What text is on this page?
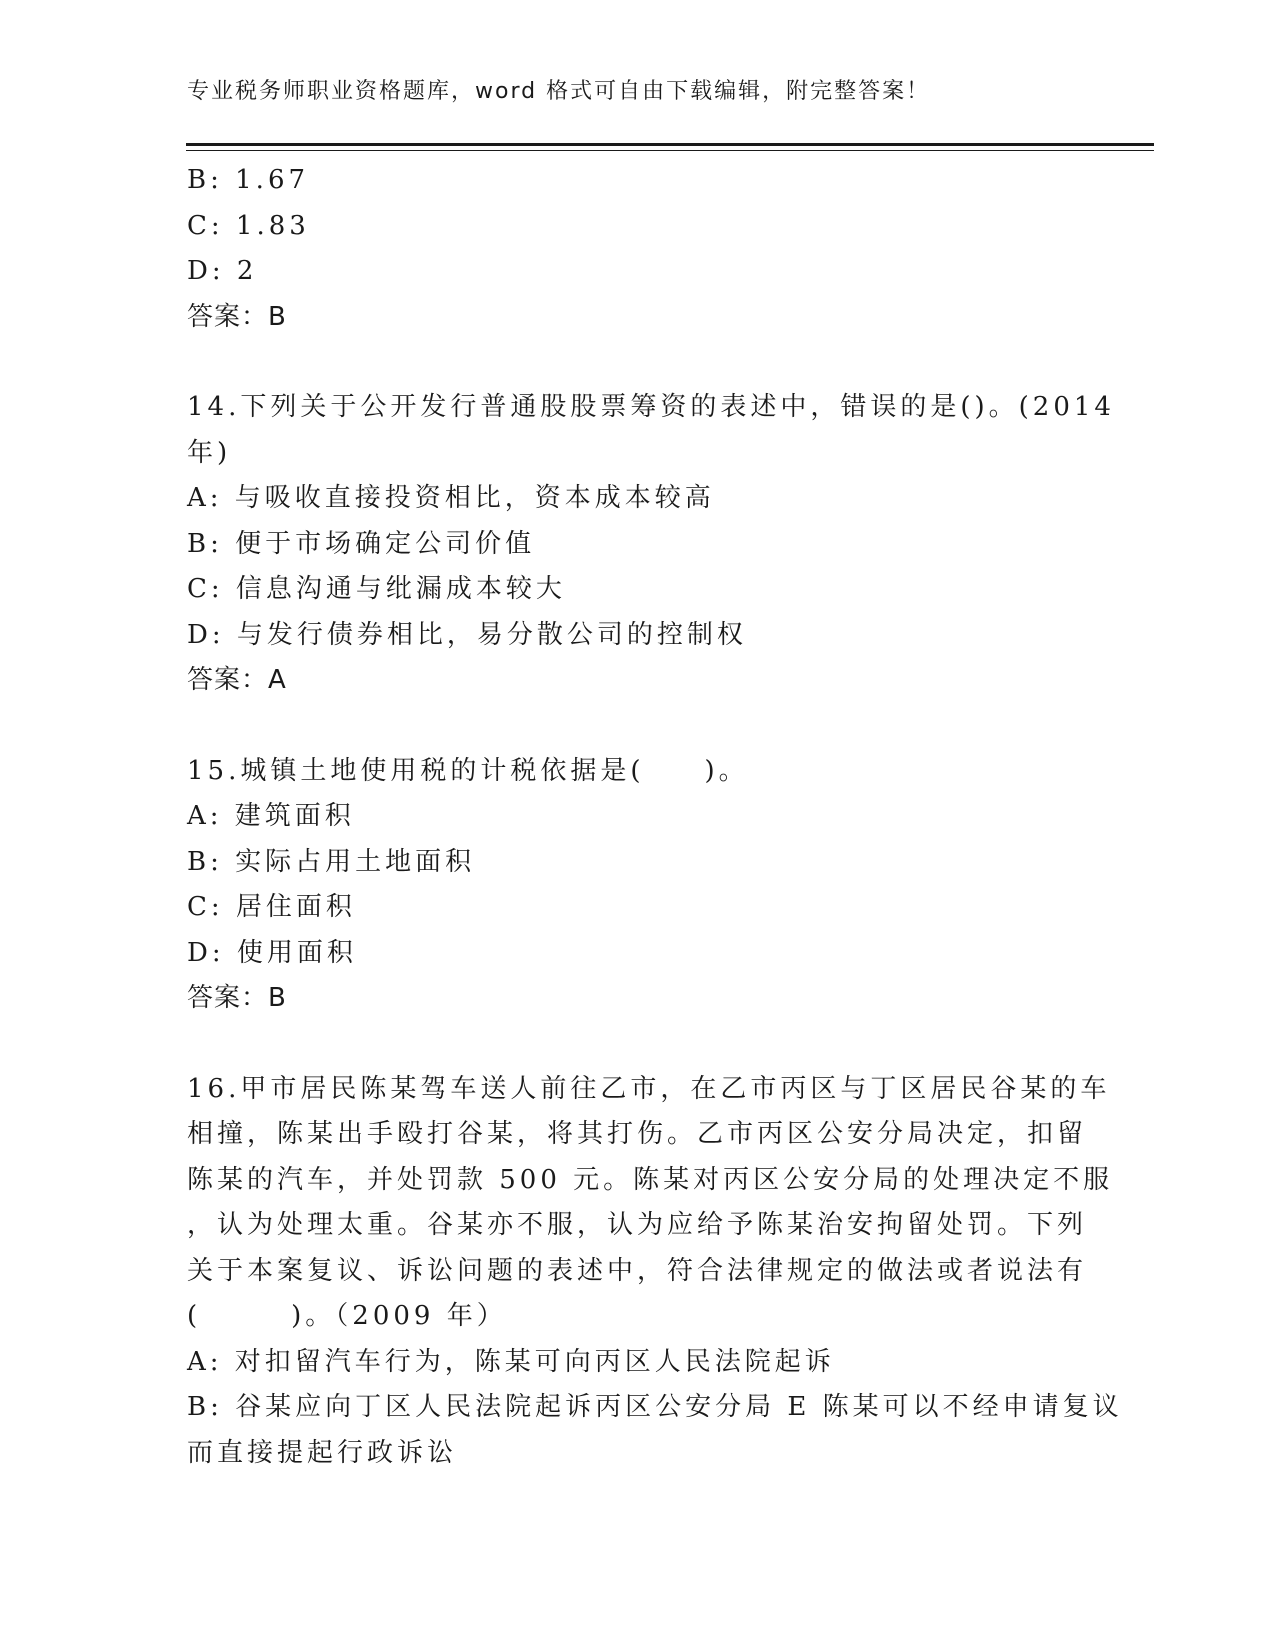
专业税务师职业资格题库，word 格式可自由下载编辑，附完整答案！
B: 1.67
C: 1.83
D: 2
答案：B
14.下列关于公开发行普通股股票筹资的表述中，错误的是()。(2014
年)
A: 与吸收直接投资相比，资本成本较高
B: 便于市场确定公司价值
C: 信息沟通与纰漏成本较大
D: 与发行债券相比，易分散公司的控制权
答案：A
15.城镇土地使用税的计税依据是(　　)。
A: 建筑面积
B: 实际占用土地面积
C: 居住面积
D: 使用面积
答案：B
16.甲市居民陈某驾车送人前往乙市，在乙市丙区与丁区居民谷某的车
相撞，陈某出手殴打谷某，将其打伤。乙市丙区公安分局决定，扣留
陈某的汽车，并处罚款 500 元。陈某对丙区公安分局的处理决定不服
，认为处理太重。谷某亦不服，认为应给予陈某治安拘留处罚。下列
关于本案复议、诉讼问题的表述中，符合法律规定的做法或者说法有
(　　　)。（2009 年）
A: 对扣留汽车行为，陈某可向丙区人民法院起诉
B: 谷某应向丁区人民法院起诉丙区公安分局 E 陈某可以不经申请复议
而直接提起行政诉讼
